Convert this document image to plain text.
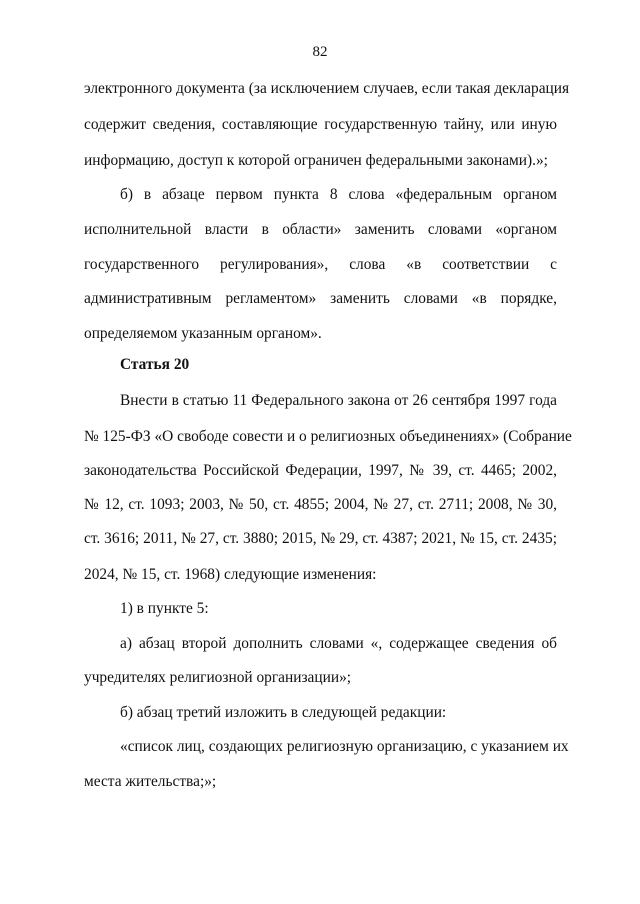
82
электронного документа (за исключением случаев, если такая декларация
содержит сведения, составляющие государственную тайну, или иную
информацию, доступ к которой ограничен федеральными законами).»;
б) в абзаце первом пункта 8 слова «федеральным органом
исполнительной власти в области» заменить словами «органом
государственного регулирования», слова «в соответствии с
административным регламентом» заменить словами «в порядке,
определяемом указанным органом».
Статья 20
Внести в статью 11 Федерального закона от 26 сентября 1997 года
№ 125-ФЗ «О свободе совести и о религиозных объединениях» (Собрание
законодательства Российской Федерации, 1997, № 39, ст. 4465; 2002,
№ 12, ст. 1093; 2003, № 50, ст. 4855; 2004, № 27, ст. 2711; 2008, № 30,
ст. 3616; 2011, № 27, ст. 3880; 2015, № 29, ст. 4387; 2021, № 15, ст. 2435;
2024, № 15, ст. 1968) следующие изменения:
1) в пункте 5:
а) абзац второй дополнить словами «, содержащее сведения об
учредителях религиозной организации»;
б) абзац третий изложить в следующей редакции:
«список лиц, создающих религиозную организацию, с указанием их
места жительства;»;
